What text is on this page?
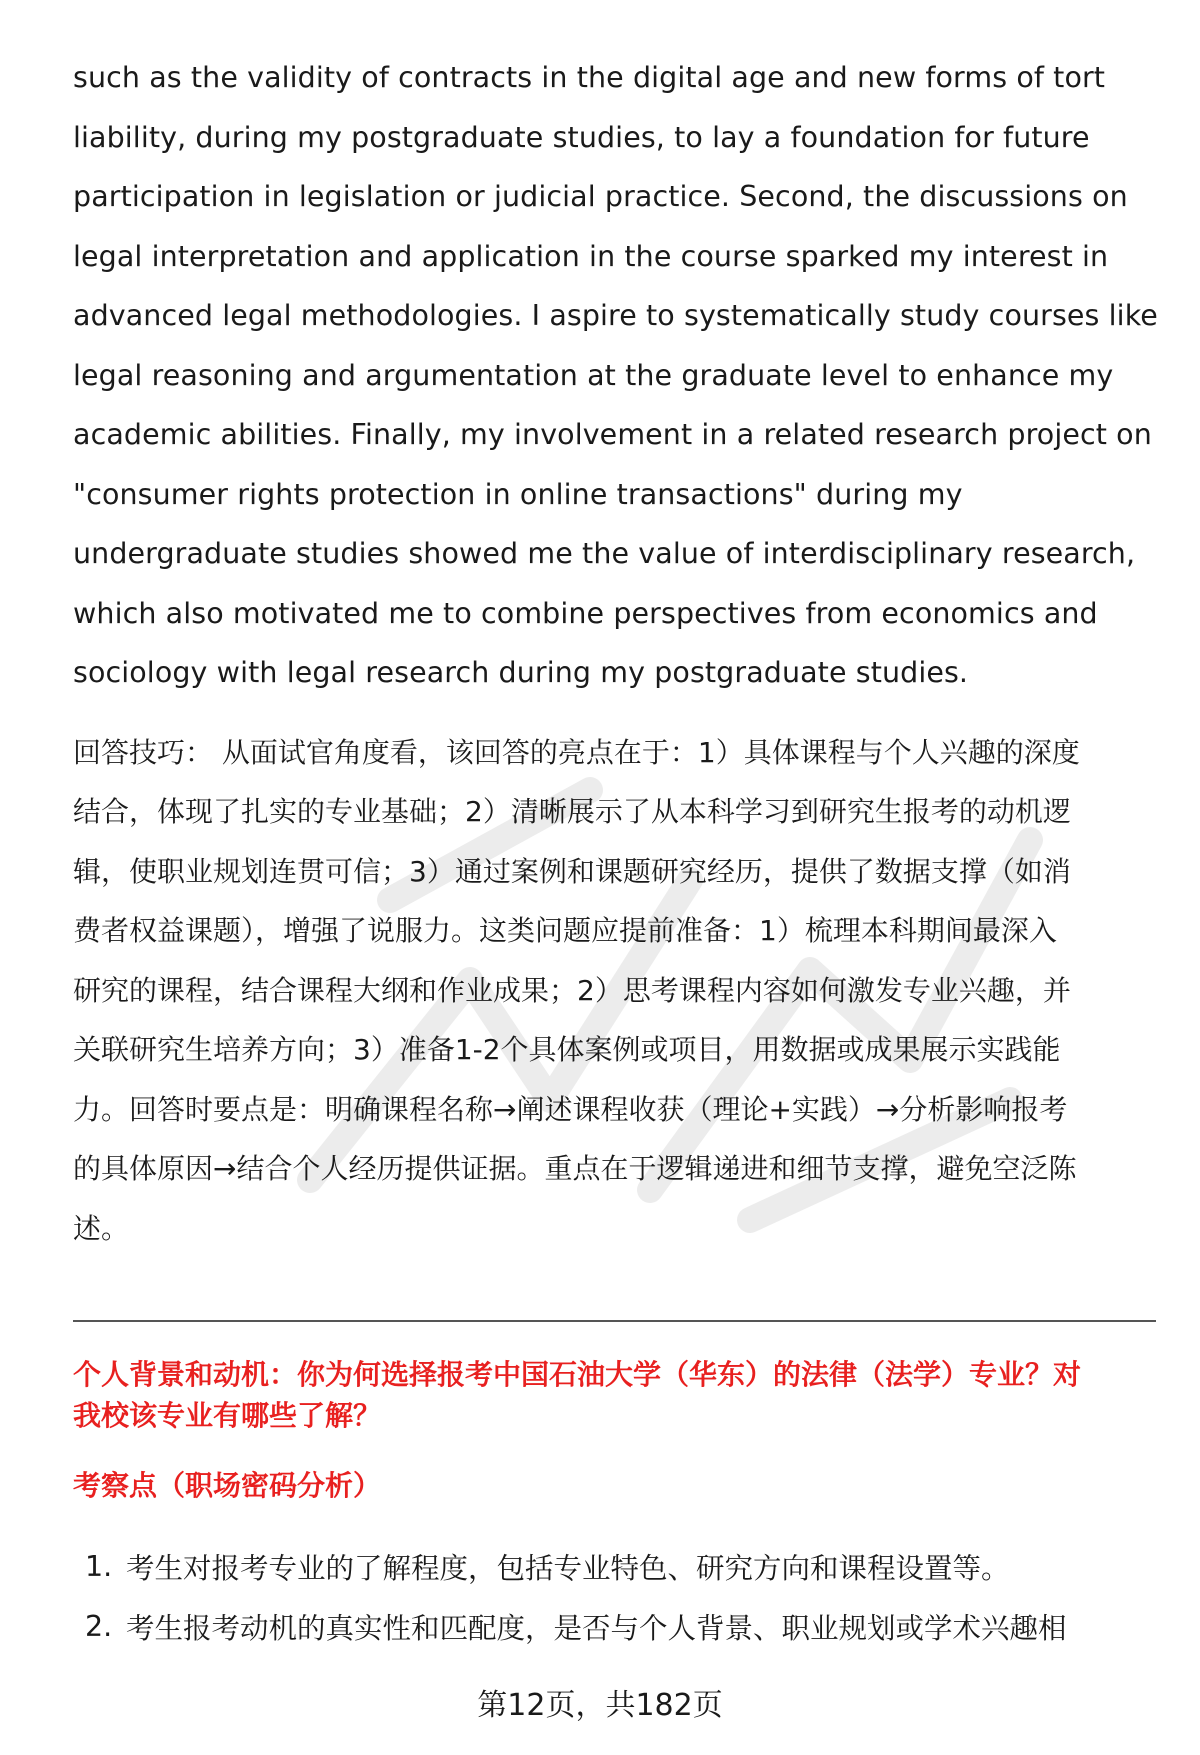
such as the validity of contracts in the digital age and new forms of tort
liability, during my postgraduate studies, to lay a foundation for future
participation in legislation or judicial practice. Second, the discussions on
legal interpretation and application in the course sparked my interest in
advanced legal methodologies. I aspire to systematically study courses like
legal reasoning and argumentation at the graduate level to enhance my
academic abilities. Finally, my involvement in a related research project on
"consumer rights protection in online transactions" during my
undergraduate studies showed me the value of interdisciplinary research,
which also motivated me to combine perspectives from economics and
sociology with legal research during my postgraduate studies.

回答技巧： 从面试官角度看，该回答的亮点在于：1）具体课程与个人兴趣的深度
结合，体现了扎实的专业基础；2）清晰展示了从本科学习到研究生报考的动机逻
辑，使职业规划连贯可信；3）通过案例和课题研究经历，提供了数据支撑（如消
费者权益课题），增强了说服力。这类问题应提前准备：1）梳理本科期间最深入
研究的课程，结合课程大纲和作业成果；2）思考课程内容如何激发专业兴趣，并
关联研究生培养方向；3）准备1-2个具体案例或项目，用数据或成果展示实践能
力。回答时要点是：明确课程名称→阐述课程收获（理论+实践）→分析影响报考
的具体原因→结合个人经历提供证据。重点在于逻辑递进和细节支撑，避免空泛陈
述。

个人背景和动机：你为何选择报考中国石油大学（华东）的法律（法学）专业？对
我校该专业有哪些了解？

考察点（职场密码分析）

1. 考生对报考专业的了解程度，包括专业特色、研究方向和课程设置等。
2. 考生报考动机的真实性和匹配度，是否与个人背景、职业规划或学术兴趣相
第12页，共182页
